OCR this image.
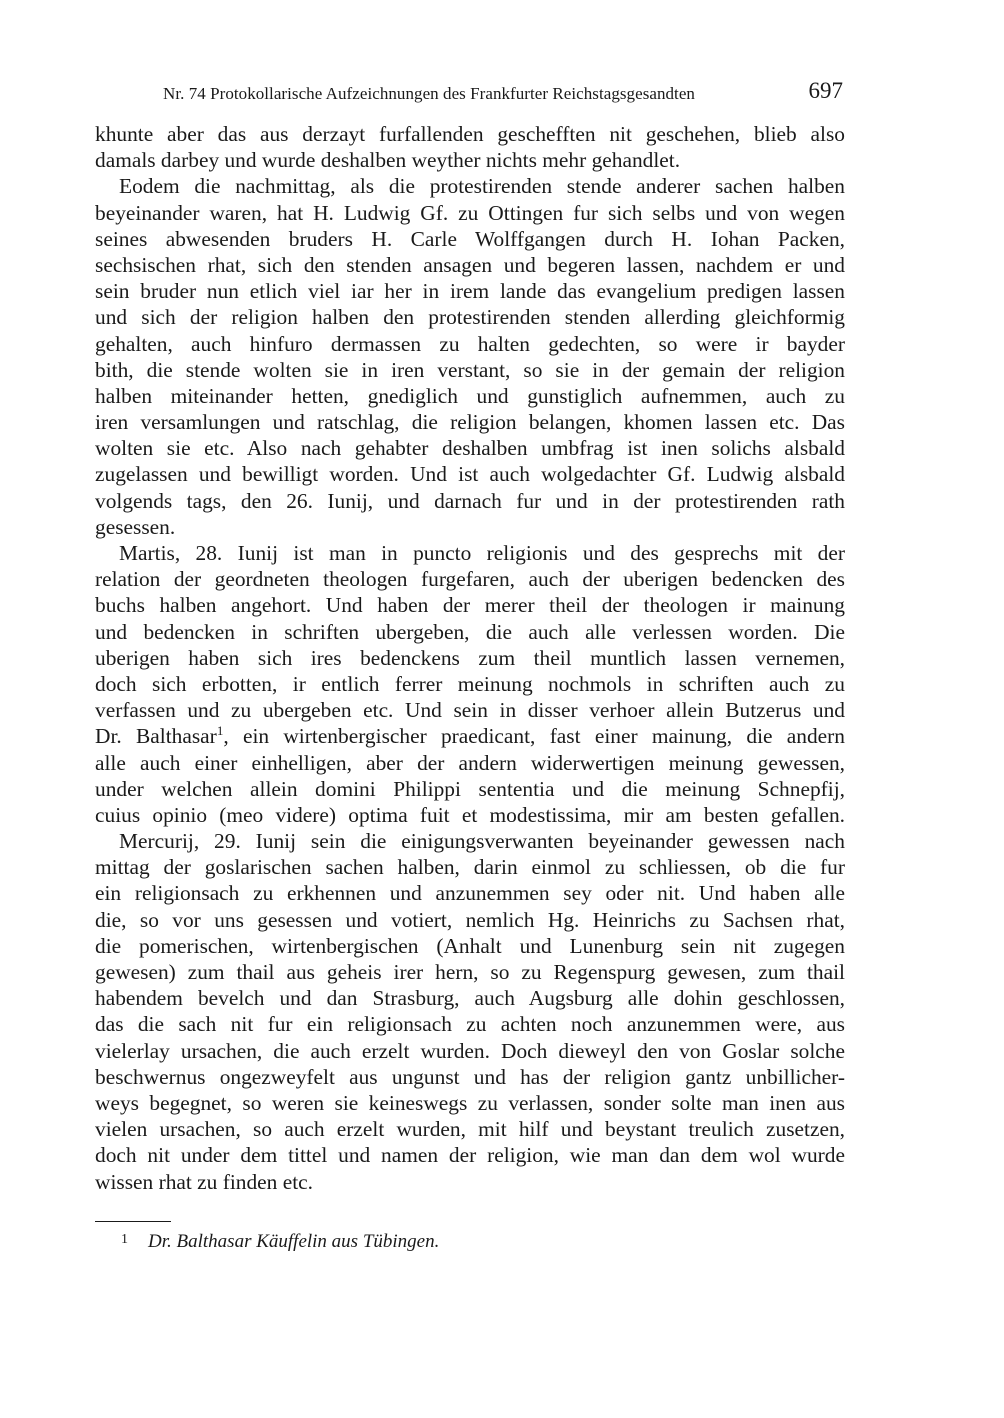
Nr. 74 Protokollarische Aufzeichnungen des Frankfurter Reichstagsgesandten	697
khunte aber das aus derzayt furfallenden geschefften nit geschehen, blieb also
damals darbey und wurde deshalben weyther nichts mehr gehandlet.
Eodem die nachmittag, als die protestirenden stende anderer sachen halben
beyeinander waren, hat H. Ludwig Gf. zu Ottingen fur sich selbs und von wegen
seines abwesenden bruders H. Carle Wolffgangen durch H. Iohan Packen,
sechsischen rhat, sich den stenden ansagen und begeren lassen, nachdem er und
sein bruder nun etlich viel iar her in irem lande das evangelium predigen lassen
und sich der religion halben den protestirenden stenden allerding gleichformig
gehalten, auch hinfuro dermassen zu halten gedechten, so were ir bayder
bith, die stende wolten sie in iren verstant, so sie in der gemain der religion
halben miteinander hetten, gnediglich und gunstiglich aufnemmen, auch zu
iren versamlungen und ratschlag, die religion belangen, khomen lassen etc. Das
wolten sie etc. Also nach gehabter deshalben umbfrag ist inen solichs alsbald
zugelassen und bewilligt worden. Und ist auch wolgedachter Gf. Ludwig alsbald
volgends tags, den 26. Iunij, und darnach fur und in der protestirenden rath
gesessen.
Martis, 28. Iunij ist man in puncto religionis und des gesprechs mit der
relation der geordneten theologen furgefaren, auch der uberigen bedencken des
buchs halben angehort. Und haben der merer theil der theologen ir mainung
und bedencken in schriften ubergeben, die auch alle verlessen worden. Die
uberigen haben sich ires bedenckens zum theil muntlich lassen vernemen,
doch sich erbotten, ir entlich ferrer meinung nochmols in schriften auch zu
verfassen und zu ubergeben etc. Und sein in disser verhoer allein Butzerus und
Dr. Balthasar$^1$, ein wirtenbergischer praedicant, fast einer mainung, die andern
alle auch einer einhelligen, aber der andern widerwertigen meinung gewessen,
under welchen allein domini Philippi sententia und die meinung Schnepfij,
cuius opinio (meo videre) optima fuit et modestissima, mir am besten gefallen.
Mercurij, 29. Iunij sein die einigungsverwanten beyeinander gewessen nach
mittag der goslarischen sachen halben, darin einmol zu schliessen, ob die fur
ein religionsach zu erkhennen und anzunemmen sey oder nit. Und haben alle
die, so vor uns gesessen und votiert, nemlich Hg. Heinrichs zu Sachsen rhat,
die pomerischen, wirtenbergischen (Anhalt und Lunenburg sein nit zugegen
gewesen) zum thail aus geheis irer hern, so zu Regenspurg gewesen, zum thail
habendem bevelch und dan Strasburg, auch Augsburg alle dohin geschlossen,
das die sach nit fur ein religionsach zu achten noch anzunemmen were, aus
vielerlay ursachen, die auch erzelt wurden. Doch dieweyl den von Goslar solche
beschwernus ongezweyfelt aus ungunst und has der religion gantz unbillicher-
weys begegnet, so weren sie keineswegs zu verlassen, sonder solte man inen aus
vielen ursachen, so auch erzelt wurden, mit hilf und beystant treulich zusetzen,
doch nit under dem tittel und namen der religion, wie man dan dem wol wurde
wissen rhat zu finden etc.
1 Dr. Balthasar Käuffelin aus Tübingen.
